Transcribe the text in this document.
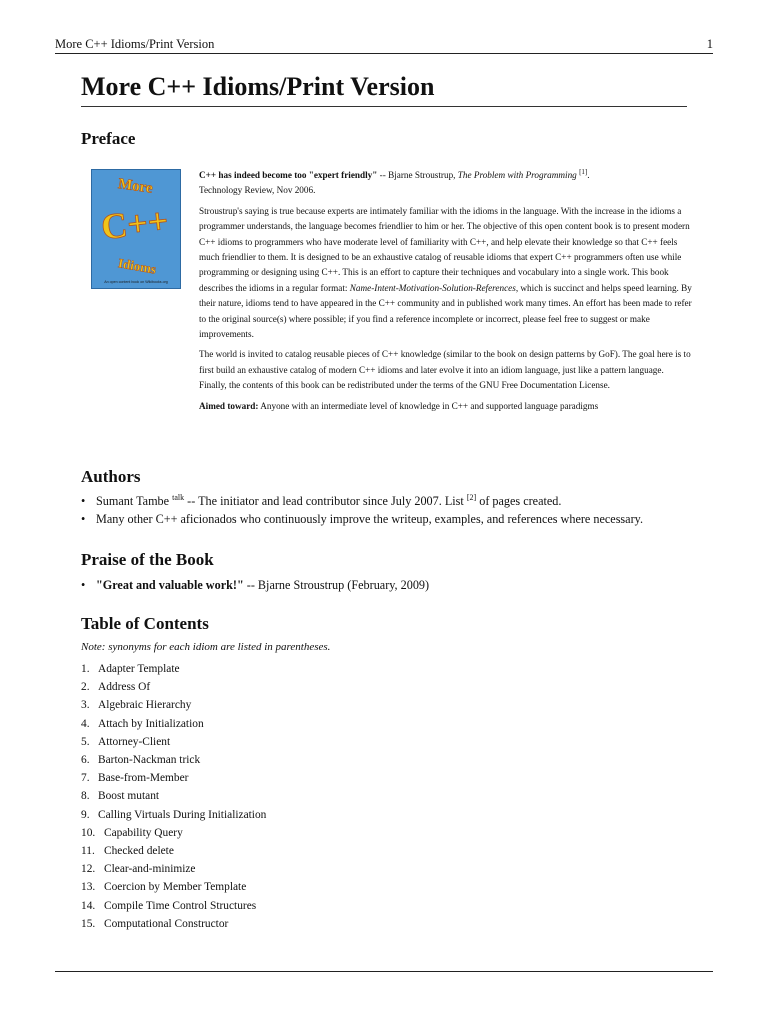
More C++ Idioms/Print Version	1
More C++ Idioms/Print Version
Preface
More
C++
Idioms
An open content book on Wikibooks.org

C++ has indeed become too "expert friendly" -- Bjarne Stroustrup, The Problem with Programming [1].
Technology Review, Nov 2006.

Stroustrup's saying is true because experts are intimately familiar with the idioms in the language. With the increase in the idioms a programmer understands, the language becomes friendlier to him or her. The objective of this open content book is to present modern C++ idioms to programmers who have moderate level of familiarity with C++, and help elevate their knowledge so that C++ feels much friendlier to them. It is designed to be an exhaustive catalog of reusable idioms that expert C++ programmers often use while programming or designing using C++. This is an effort to capture their techniques and vocabulary into a single work. This book describes the idioms in a regular format: Name-Intent-Motivation-Solution-References, which is succinct and helps speed learning. By their nature, idioms tend to have appeared in the C++ community and in published work many times. An effort has been made to refer to the original source(s) where possible; if you find a reference incomplete or incorrect, please feel free to suggest or make improvements.

The world is invited to catalog reusable pieces of C++ knowledge (similar to the book on design patterns by GoF). The goal here is to first build an exhaustive catalog of modern C++ idioms and later evolve it into an idiom language, just like a pattern language. Finally, the contents of this book can be redistributed under the terms of the GNU Free Documentation License.

Aimed toward: Anyone with an intermediate level of knowledge in C++ and supported language paradigms

Authors
• Sumant Tambe $^{talk}$ -- The initiator and lead contributor since July 2007. List [2] of pages created.
• Many other C++ aficionados who continuously improve the writeup, examples, and references where necessary.
Praise of the Book
• "Great and valuable work!" -- Bjarne Stroustrup (February, 2009)
Table of Contents
Note: synonyms for each idiom are listed in parentheses.
1. Adapter Template
2. Address Of
3. Algebraic Hierarchy
4. Attach by Initialization
5. Attorney-Client
6. Barton-Nackman trick
7. Base-from-Member
8. Boost mutant
9. Calling Virtuals During Initialization
10. Capability Query
11. Checked delete
12. Clear-and-minimize
13. Coercion by Member Template
14. Compile Time Control Structures
15. Computational Constructor
